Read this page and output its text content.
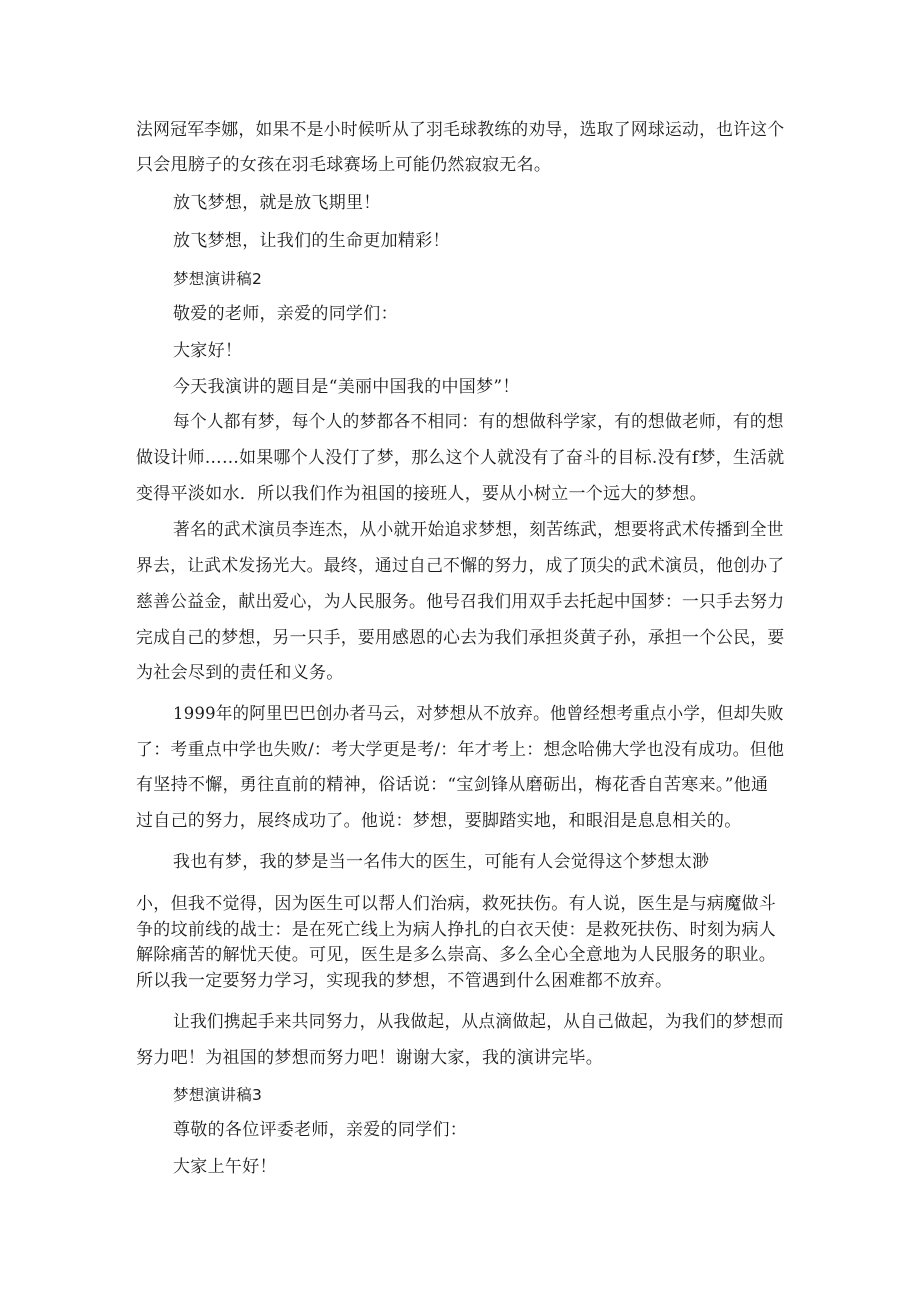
法网冠军李娜，如果不是小时候听从了羽毛球教练的劝导，选取了网球运动，也许这个
只会甩膀子的女孩在羽毛球赛场上可能仍然寂寂无名。
放飞梦想，就是放飞期里！
放飞梦想，让我们的生命更加精彩！
梦想演讲稿2
敬爱的老师，亲爱的同学们：
大家好！
今天我演讲的题目是“美丽中国我的中国梦”！
每个人都有梦，每个人的梦都各不相同：有的想做科学家，有的想做老师，有的想
做设计师……如果哪个人没仃了梦，那么这个人就没有了奋斗的目标.没有f梦，生活就
变得平淡如水．所以我们作为祖国的接班人，要从小树立一个远大的梦想。
著名的武术演员李连杰，从小就开始追求梦想，刻苦练武，想要将武术传播到全世
界去，让武术发扬光大。最终，通过自己不懈的努力，成了顶尖的武术演员，他创办了
慈善公益金，献出爱心，为人民服务。他号召我们用双手去托起中国梦：一只手去努力
完成自己的梦想，另一只手，要用感恩的心去为我们承担炎黄子孙，承担一个公民，要
为社会尽到的责任和义务。
1999年的阿里巴巴创办者马云，对梦想从不放弃。他曾经想考重点小学，但却失败
了：考重点中学也失败/：考大学更是考/：年才考上：想念哈佛大学也没有成功。但他
有坚持不懈，勇往直前的精神，俗话说：“宝剑锋从磨砺出，梅花香自苦寒来。”他通
过自己的努力，展终成功了。他说：梦想，要脚踏实地，和眼泪是息息相关的。
我也有梦，我的梦是当一名伟大的医生，可能有人会觉得这个梦想太渺
小，但我不觉得，因为医生可以帮人们治病，救死扶伤。有人说，医生是与病魔做斗
争的坟前线的战士：是在死亡线上为病人挣扎的白衣天使：是救死扶伤、时刻为病人
解除痛苦的解忧天使。可见，医生是多么崇高、多么全心全意地为人民服务的职业。
所以我一定要努力学习，实现我的梦想，不管遇到什么困难都不放弃。
让我们携起手来共同努力，从我做起，从点滴做起，从自己做起，为我们的梦想而
努力吧！为祖国的梦想而努力吧！谢谢大家，我的演讲完毕。
梦想演讲稿3
尊敬的各位评委老师，亲爱的同学们：
大家上午好！
